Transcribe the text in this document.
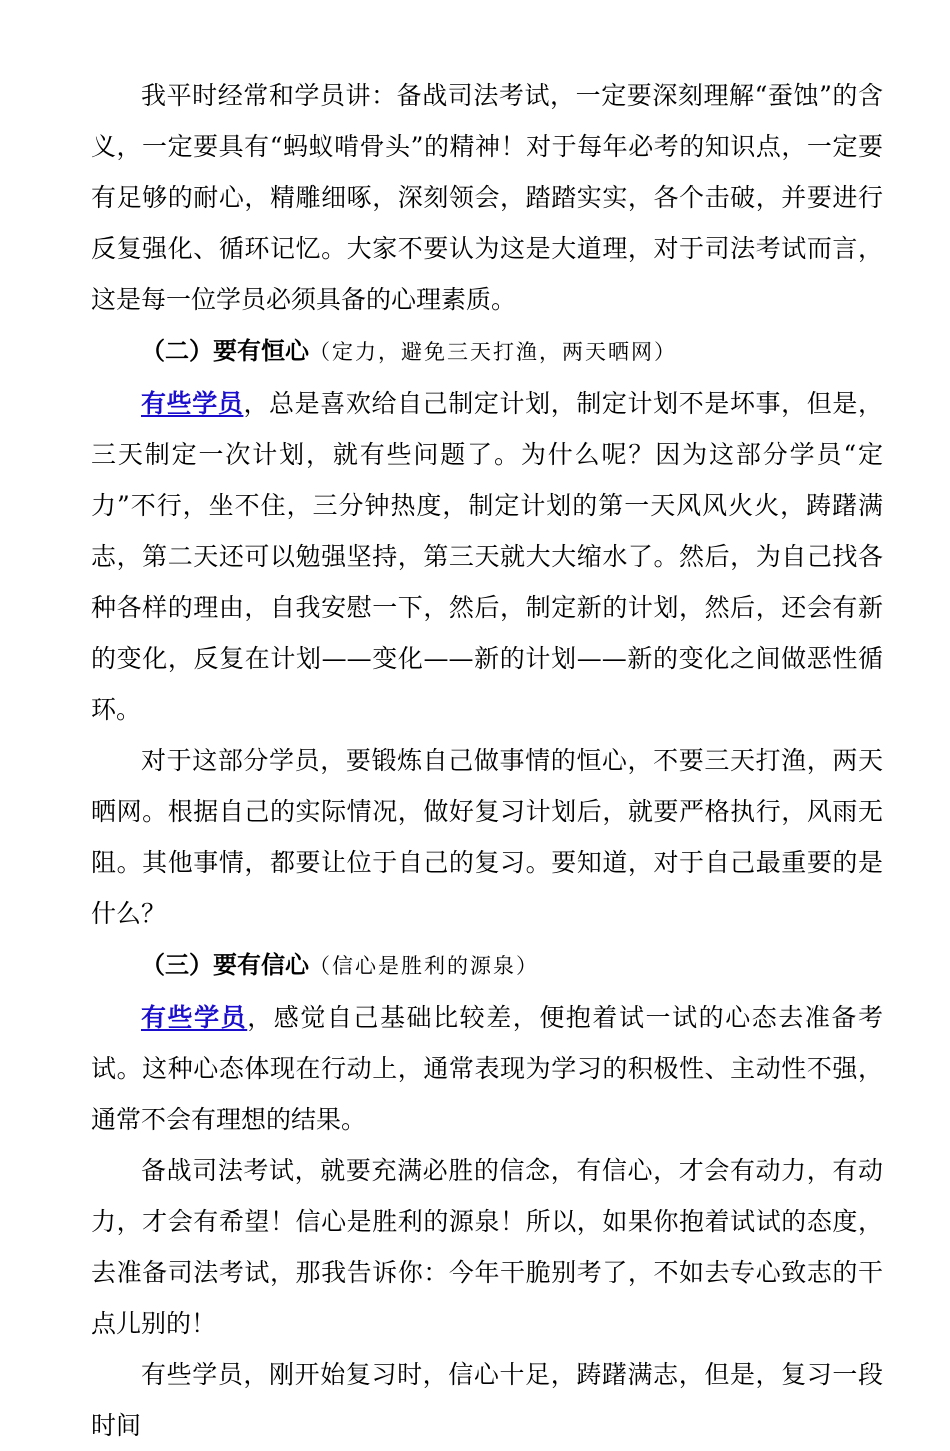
我平时经常和学员讲：备战司法考试，一定要深刻理解“蚕蚀”的含义，一定要具有“蚂蚁啃骨头”的精神！对于每年必考的知识点，一定要有足够的耐心，精雕细啄，深刻领会，踏踏实实，各个击破，并要进行反复强化、循环记忆。大家不要认为这是大道理，对于司法考试而言，这是每一位学员必须具备的心理素质。

（二）要有恒心（定力，避免三天打渔，两天晒网）

有些学员，总是喜欢给自己制定计划，制定计划不是坏事，但是，三天制定一次计划，就有些问题了。为什么呢？因为这部分学员“定力”不行，坐不住，三分钟热度，制定计划的第一天风风火火，踌躇满志，第二天还可以勉强坚持，第三天就大大缩水了。然后，为自己找各种各样的理由，自我安慰一下，然后，制定新的计划，然后，还会有新的变化，反复在计划——变化——新的计划——新的变化之间做恶性循环。

对于这部分学员，要锻炼自己做事情的恒心，不要三天打渔，两天晒网。根据自己的实际情况，做好复习计划后，就要严格执行，风雨无阻。其他事情，都要让位于自己的复习。要知道，对于自己最重要的是什么？

（三）要有信心（信心是胜利的源泉）

有些学员，感觉自己基础比较差，便抱着试一试的心态去准备考试。这种心态体现在行动上，通常表现为学习的积极性、主动性不强，通常不会有理想的结果。

备战司法考试，就要充满必胜的信念，有信心，才会有动力，有动力，才会有希望！信心是胜利的源泉！所以，如果你抱着试试的态度，去准备司法考试，那我告诉你：今年干脆别考了，不如去专心致志的干点儿别的！

有些学员，刚开始复习时，信心十足，踌躇满志，但是，复习一段时间
